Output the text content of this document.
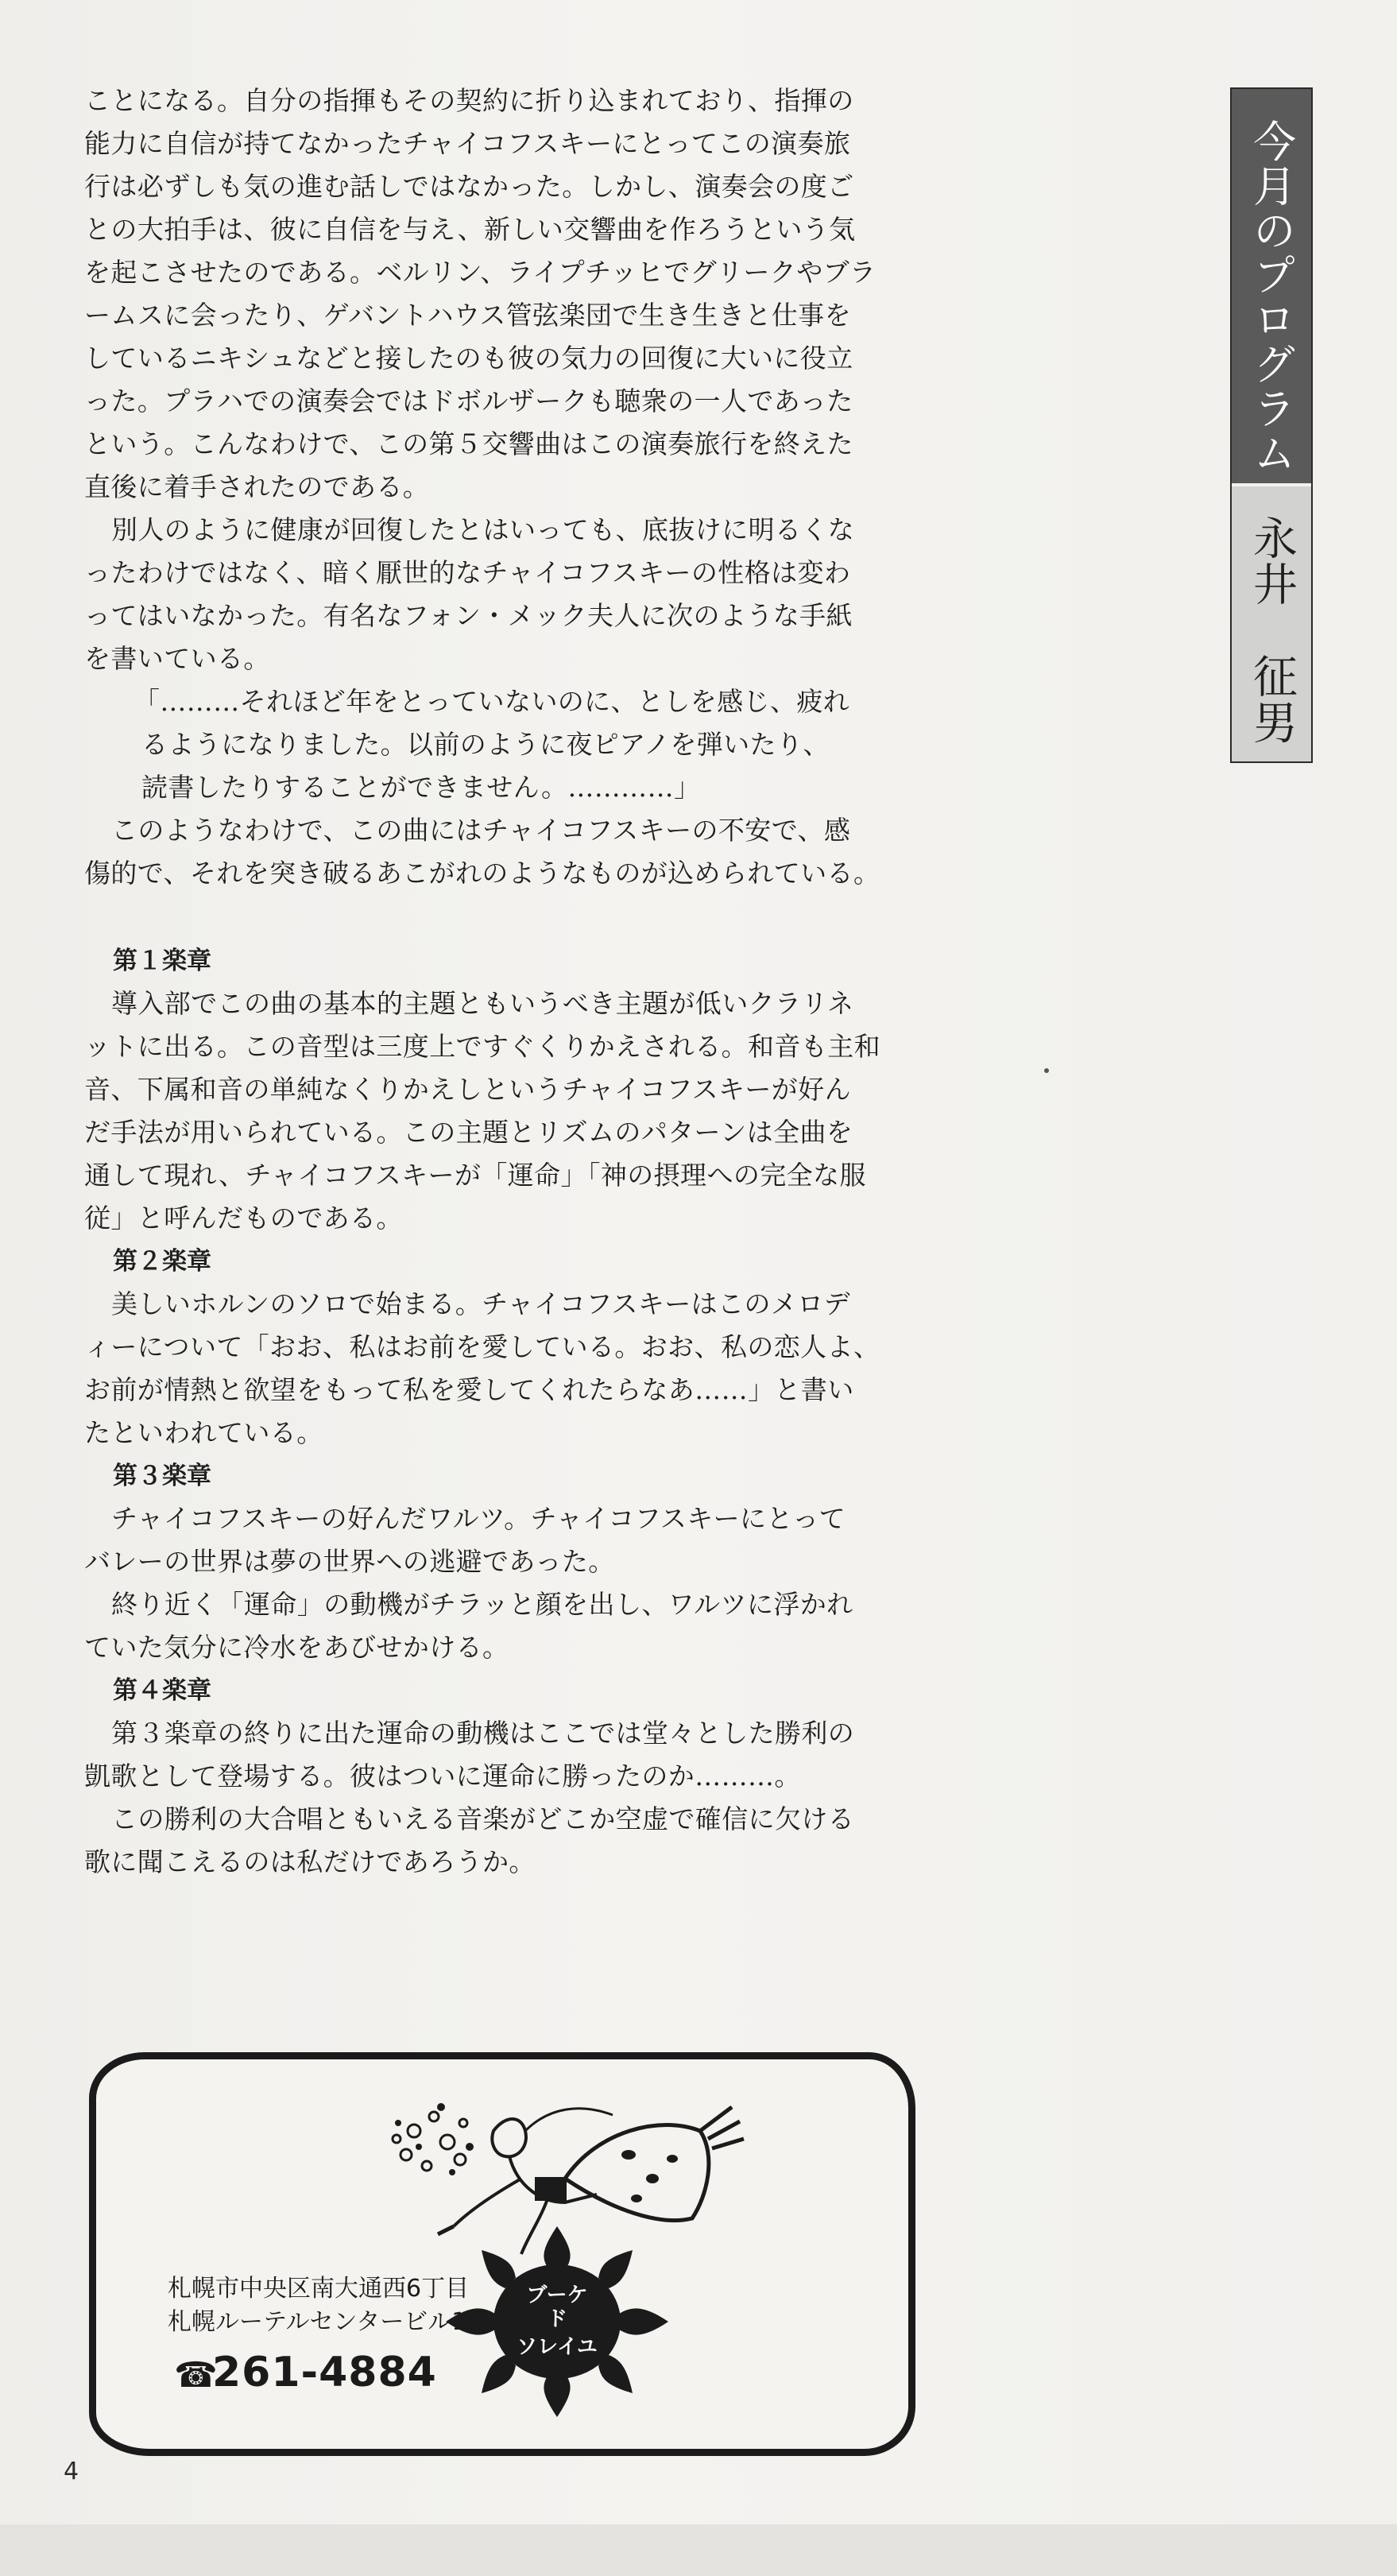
ことになる。自分の指揮もその契約に折り込まれており、指揮の
能力に自信が持てなかったチャイコフスキーにとってこの演奏旅
行は必ずしも気の進む話しではなかった。しかし、演奏会の度ご
との大拍手は、彼に自信を与え、新しい交響曲を作ろうという気
を起こさせたのである。ベルリン、ライプチッヒでグリークやブラ
ームスに会ったり、ゲバントハウス管弦楽団で生き生きと仕事を
しているニキシュなどと接したのも彼の気力の回復に大いに役立
った。プラハでの演奏会ではドボルザークも聴衆の一人であった
という。こんなわけで、この第５交響曲はこの演奏旅行を終えた
直後に着手されたのである。
別人のように健康が回復したとはいっても、底抜けに明るくな
ったわけではなく、暗く厭世的なチャイコフスキーの性格は変わ
ってはいなかった。有名なフォン・メック夫人に次のような手紙
を書いている。
「………それほど年をとっていないのに、としを感じ、疲れ
るようになりました。以前のように夜ピアノを弾いたり、
読書したりすることができません。…………」
このようなわけで、この曲にはチャイコフスキーの不安で、感
傷的で、それを突き破るあこがれのようなものが込められている。
第１楽章
導入部でこの曲の基本的主題ともいうべき主題が低いクラリネ
ットに出る。この音型は三度上ですぐくりかえされる。和音も主和
音、下属和音の単純なくりかえしというチャイコフスキーが好ん
だ手法が用いられている。この主題とリズムのパターンは全曲を
通して現れ、チャイコフスキーが「運命」「神の摂理への完全な服
従」と呼んだものである。
第２楽章
美しいホルンのソロで始まる。チャイコフスキーはこのメロデ
ィーについて「おお、私はお前を愛している。おお、私の恋人よ、
お前が情熱と欲望をもって私を愛してくれたらなあ……」と書い
たといわれている。
第３楽章
チャイコフスキーの好んだワルツ。チャイコフスキーにとって
バレーの世界は夢の世界への逃避であった。
終り近く「運命」の動機がチラッと顔を出し、ワルツに浮かれ
ていた気分に冷水をあびせかける。
第４楽章
第３楽章の終りに出た運命の動機はここでは堂々とした勝利の
凱歌として登場する。彼はついに運命に勝ったのか………。
この勝利の大合唱ともいえる音楽がどこか空虚で確信に欠ける
歌に聞こえるのは私だけであろうか。
今月のプログラム
永井　征男
ブーケ
ド
ソレイユ
札幌市中央区南大通西6丁目
札幌ルーテルセンタービル1F
☎
261-4884
4
